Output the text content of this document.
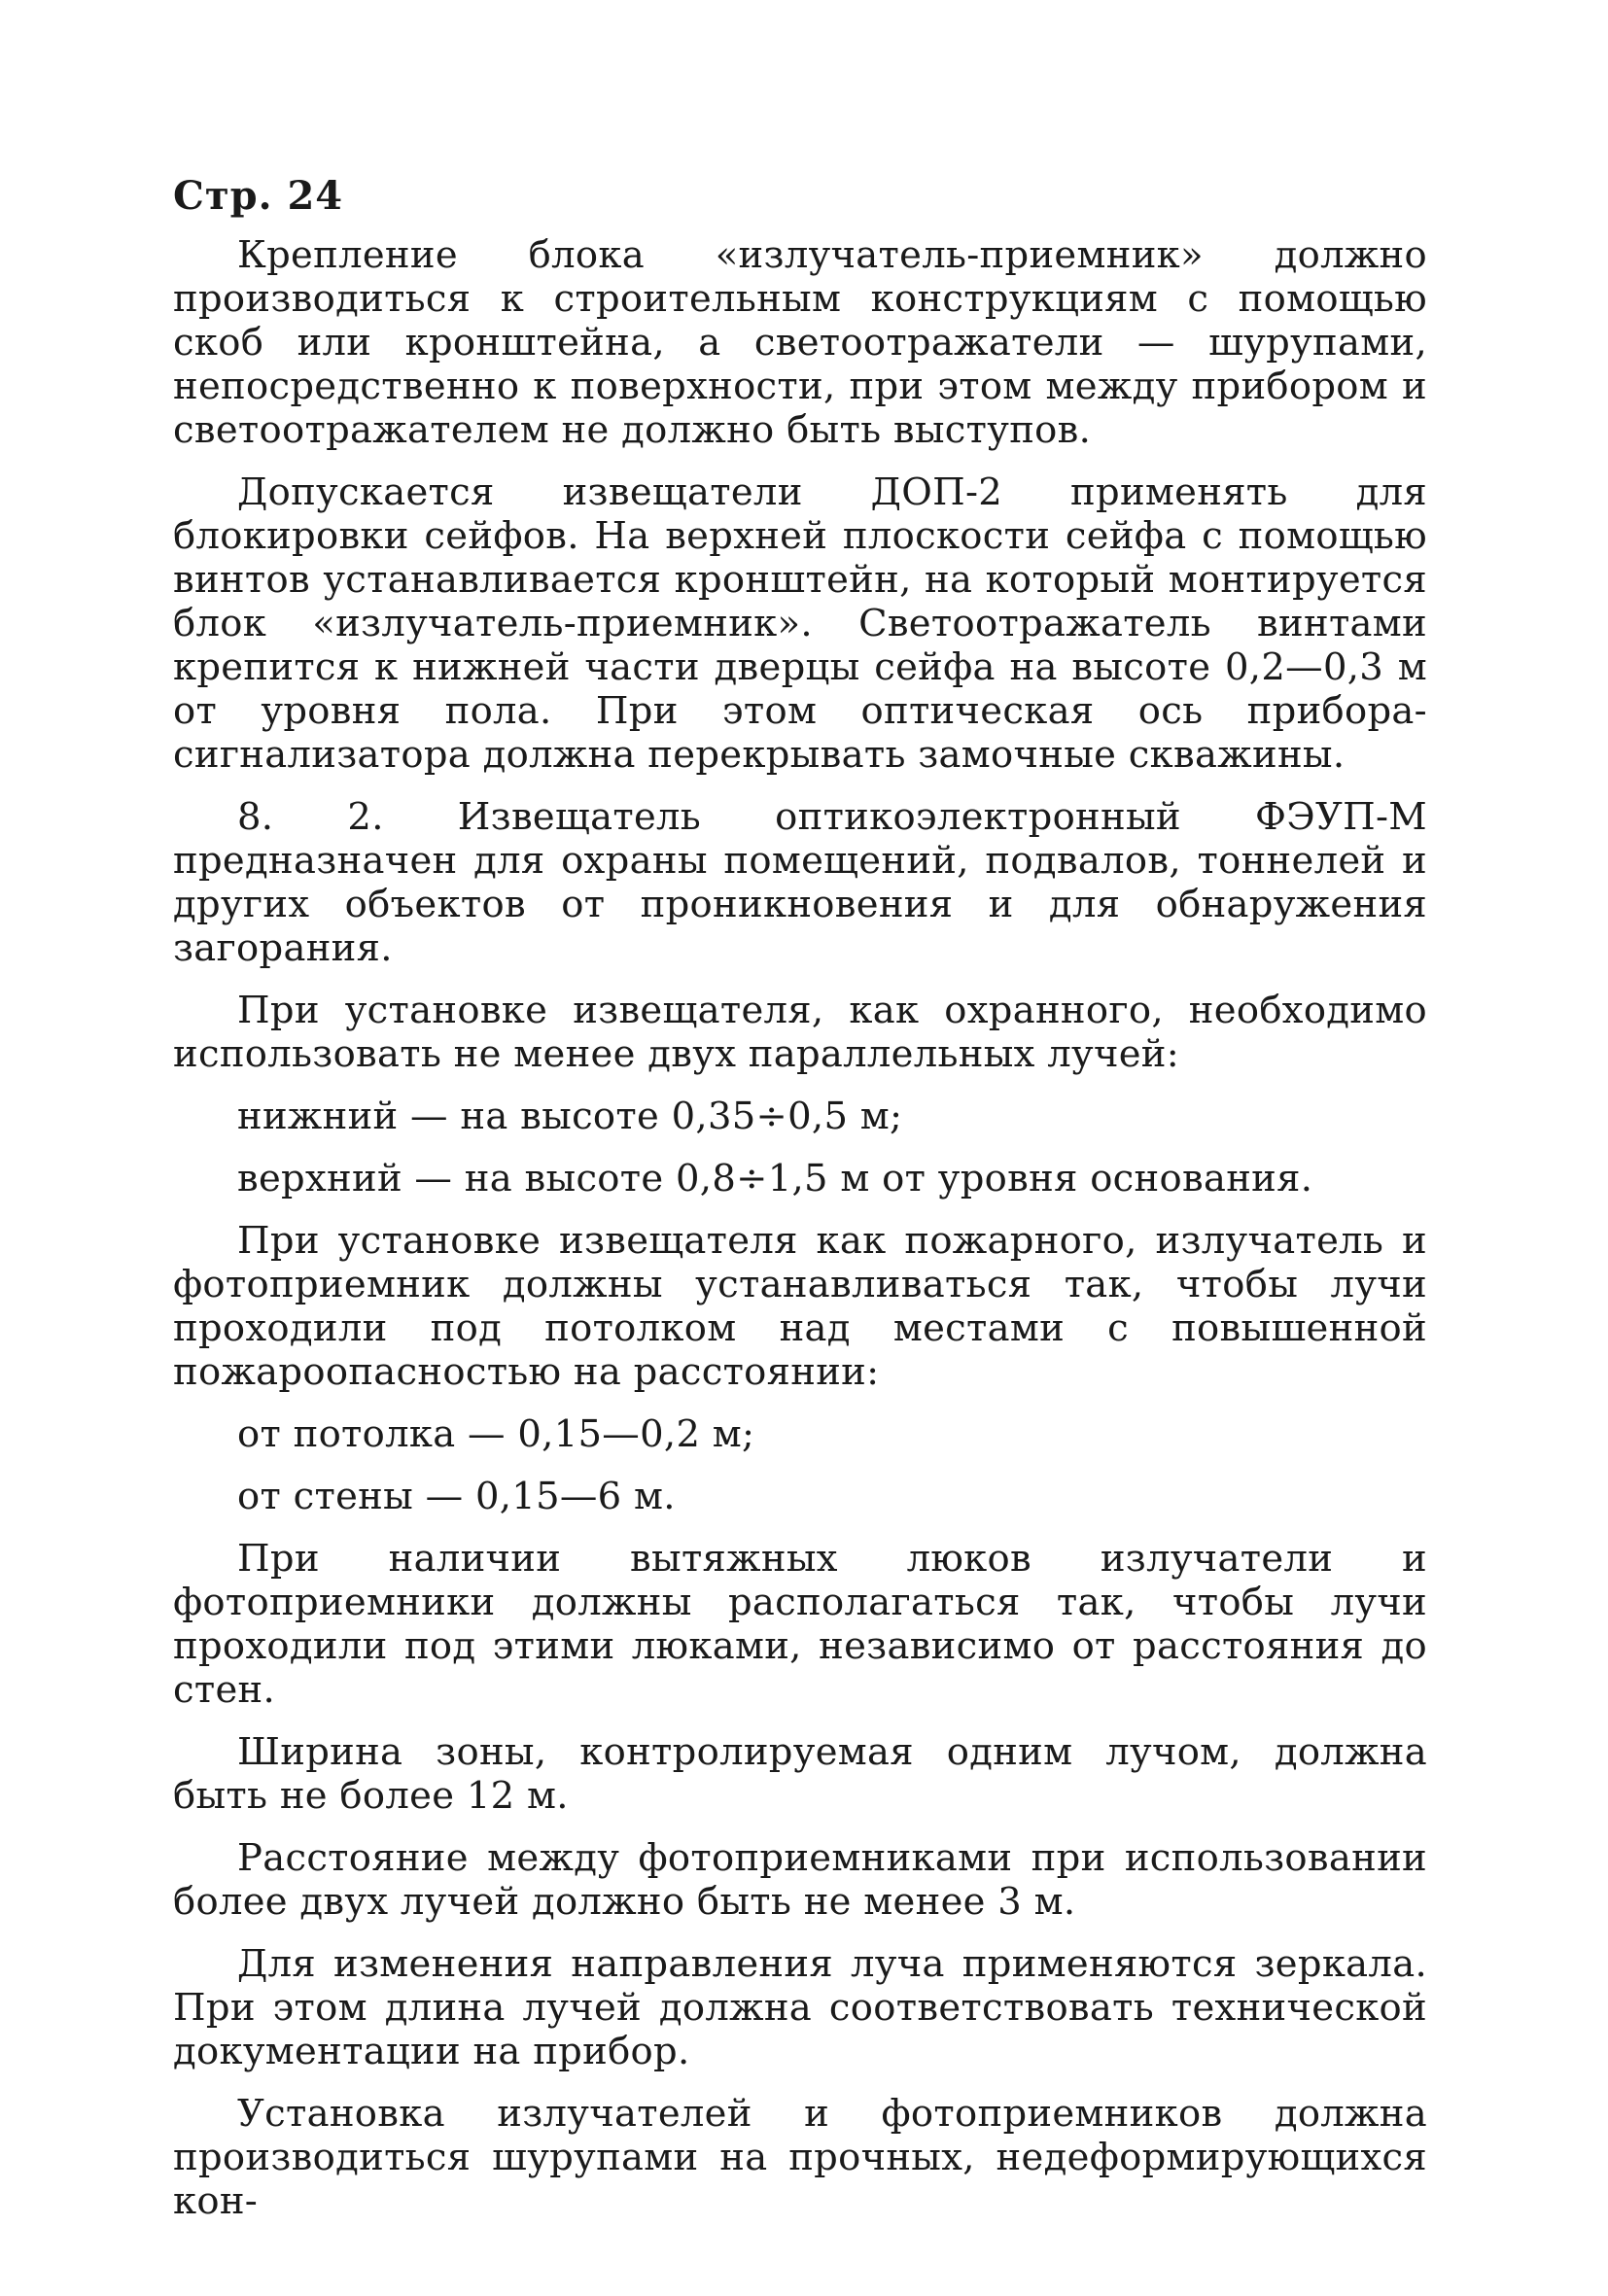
Стр. 24

Крепление блока «излучатель-приемник» должно производиться к строительным конструкциям с помощью скоб или кронштейна, а светоотражатели — шурупами, непосредственно к поверхности, при этом между прибором и светоотражателем не должно быть выступов.

Допускается извещатели ДОП-2 применять для блокировки сейфов. На верхней плоскости сейфа с помощью винтов устанавливается кронштейн, на который монтируется блок «излучатель-приемник». Светоотражатель винтами крепится к нижней части дверцы сейфа на высоте 0,2—0,3 м от уровня пола. При этом оптическая ось прибора-сигнализатора должна перекрывать замочные скважины.

8. 2. Извещатель оптикоэлектронный ФЭУП-М предназначен для охраны помещений, подвалов, тоннелей и других объектов от проникновения и для обнаружения загорания.

При установке извещателя, как охранного, необходимо использовать не менее двух параллельных лучей:

нижний — на высоте 0,35÷0,5 м;

верхний — на высоте 0,8÷1,5 м от уровня основания.

При установке извещателя как пожарного, излучатель и фотоприемник должны устанавливаться так, чтобы лучи проходили под потолком над местами с повышенной пожароопасностью на расстоянии:

от потолка — 0,15—0,2 м;

от стены — 0,15—6 м.

При наличии вытяжных люков излучатели и фотоприемники должны располагаться так, чтобы лучи проходили под этими люками, независимо от расстояния до стен.

Ширина зоны, контролируемая одним лучом, должна быть не более 12 м.

Расстояние между фотоприемниками при использовании более двух лучей должно быть не менее 3 м.

Для изменения направления луча применяются зеркала. При этом длина лучей должна соответствовать технической документации на прибор.

Установка излучателей и фотоприемников должна производиться шурупами на прочных, недеформирующихся кон-
